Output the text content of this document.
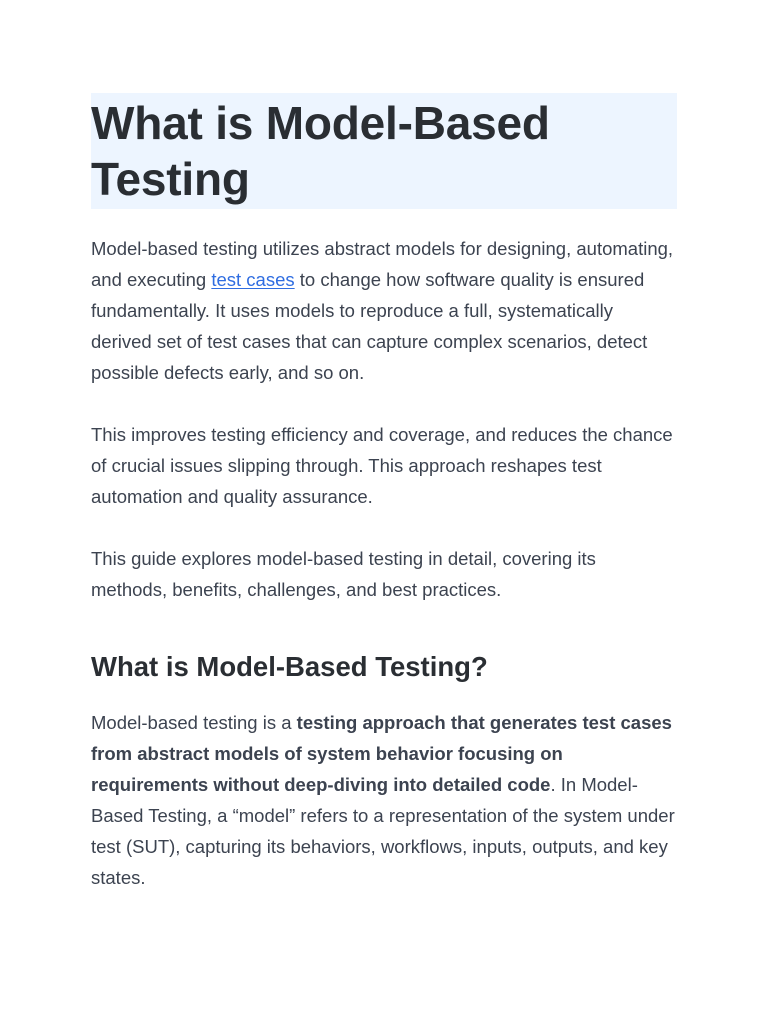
What is Model-Based Testing

Model-based testing utilizes abstract models for designing, automating, and executing test cases to change how software quality is ensured fundamentally. It uses models to reproduce a full, systematically derived set of test cases that can capture complex scenarios, detect possible defects early, and so on.

This improves testing efficiency and coverage, and reduces the chance of crucial issues slipping through. This approach reshapes test automation and quality assurance.

This guide explores model-based testing in detail, covering its methods, benefits, challenges, and best practices.

What is Model-Based Testing?

Model-based testing is a testing approach that generates test cases from abstract models of system behavior focusing on requirements without deep-diving into detailed code. In Model-Based Testing, a “model” refers to a representation of the system under test (SUT), capturing its behaviors, workflows, inputs, outputs, and key states.
